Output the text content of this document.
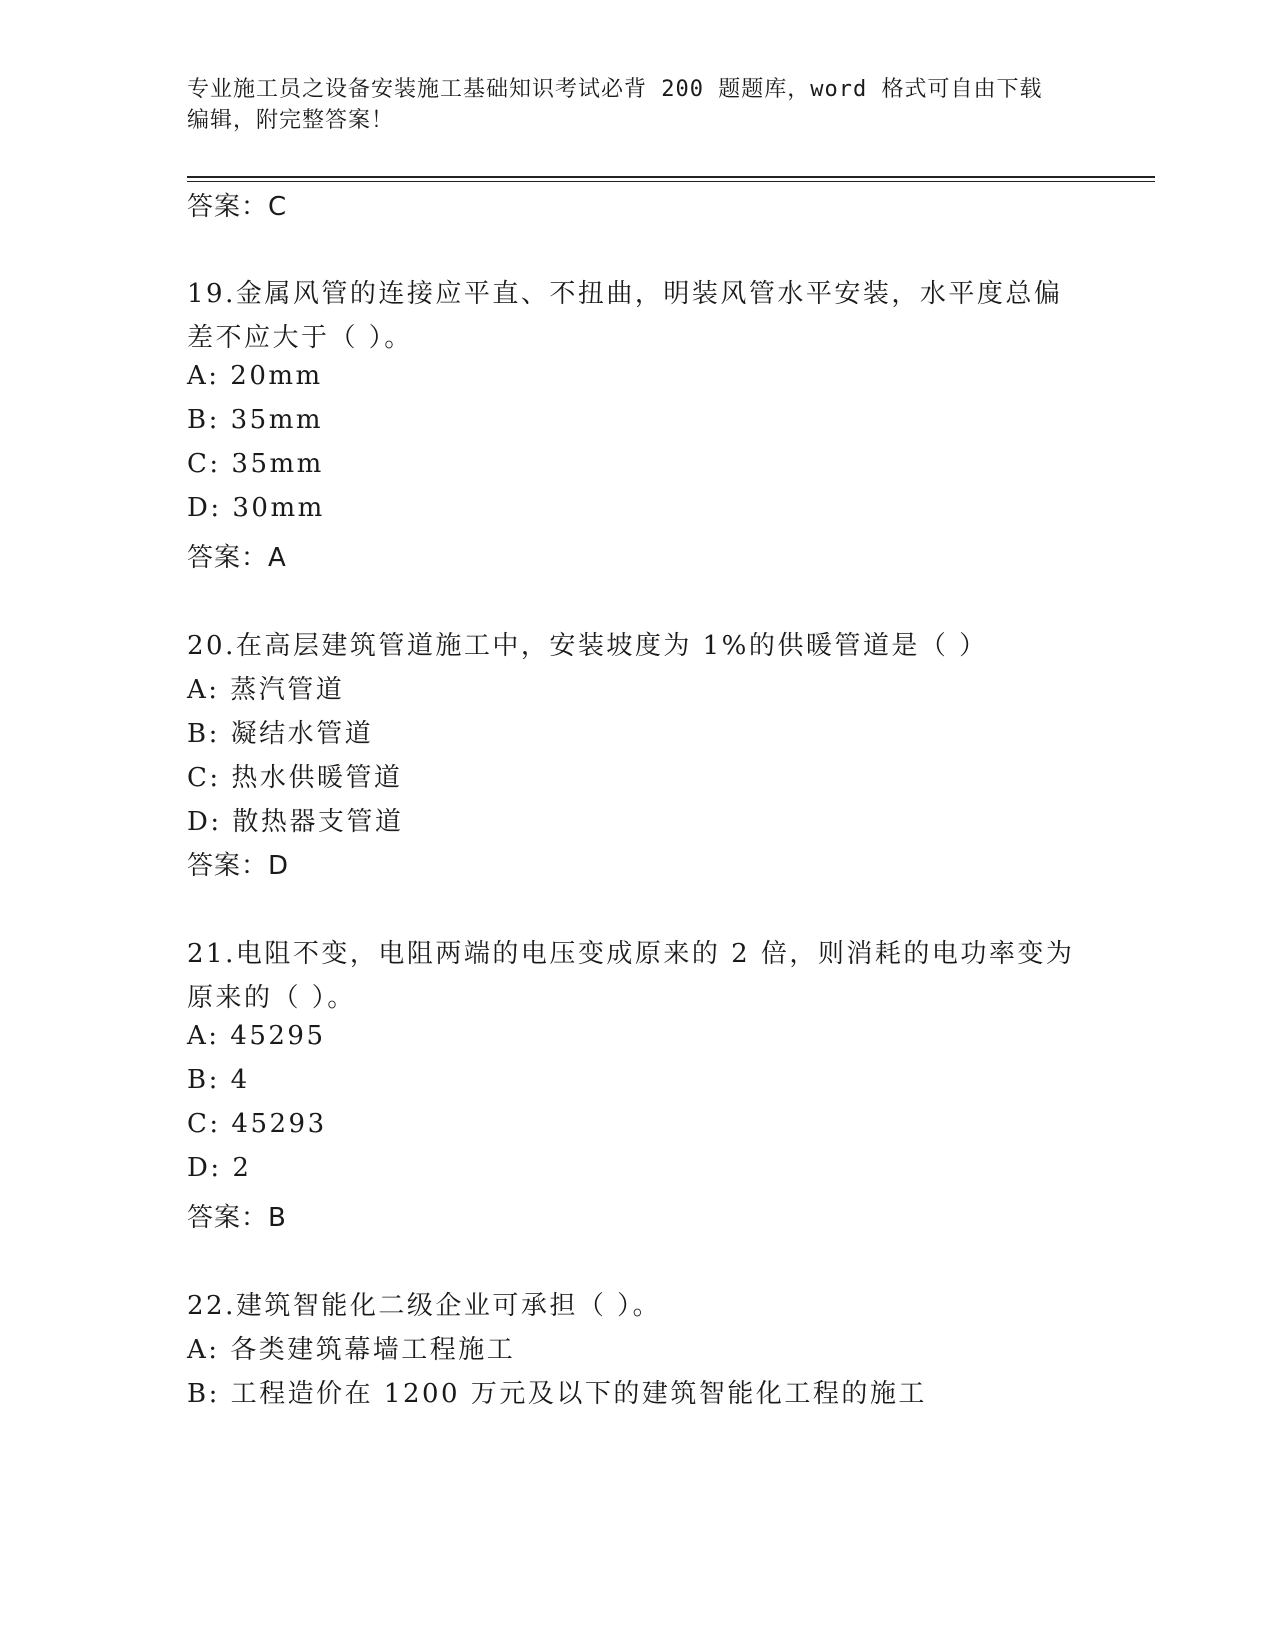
专业施工员之设备安装施工基础知识考试必背 200 题题库，word 格式可自由下载
编辑，附完整答案！
答案：C
19.金属风管的连接应平直、不扭曲，明装风管水平安装，水平度总偏
差不应大于（ ）。
A: 20mm
B: 35mm
C: 35mm
D: 30mm
答案：A
20.在高层建筑管道施工中，安装坡度为 1%的供暖管道是（ ）
A: 蒸汽管道
B: 凝结水管道
C: 热水供暖管道
D: 散热器支管道
答案：D
21.电阻不变，电阻两端的电压变成原来的 2 倍，则消耗的电功率变为
原来的（ ）。
A: 45295
B: 4
C: 45293
D: 2
答案：B
22.建筑智能化二级企业可承担（ ）。
A: 各类建筑幕墙工程施工
B: 工程造价在 1200 万元及以下的建筑智能化工程的施工
